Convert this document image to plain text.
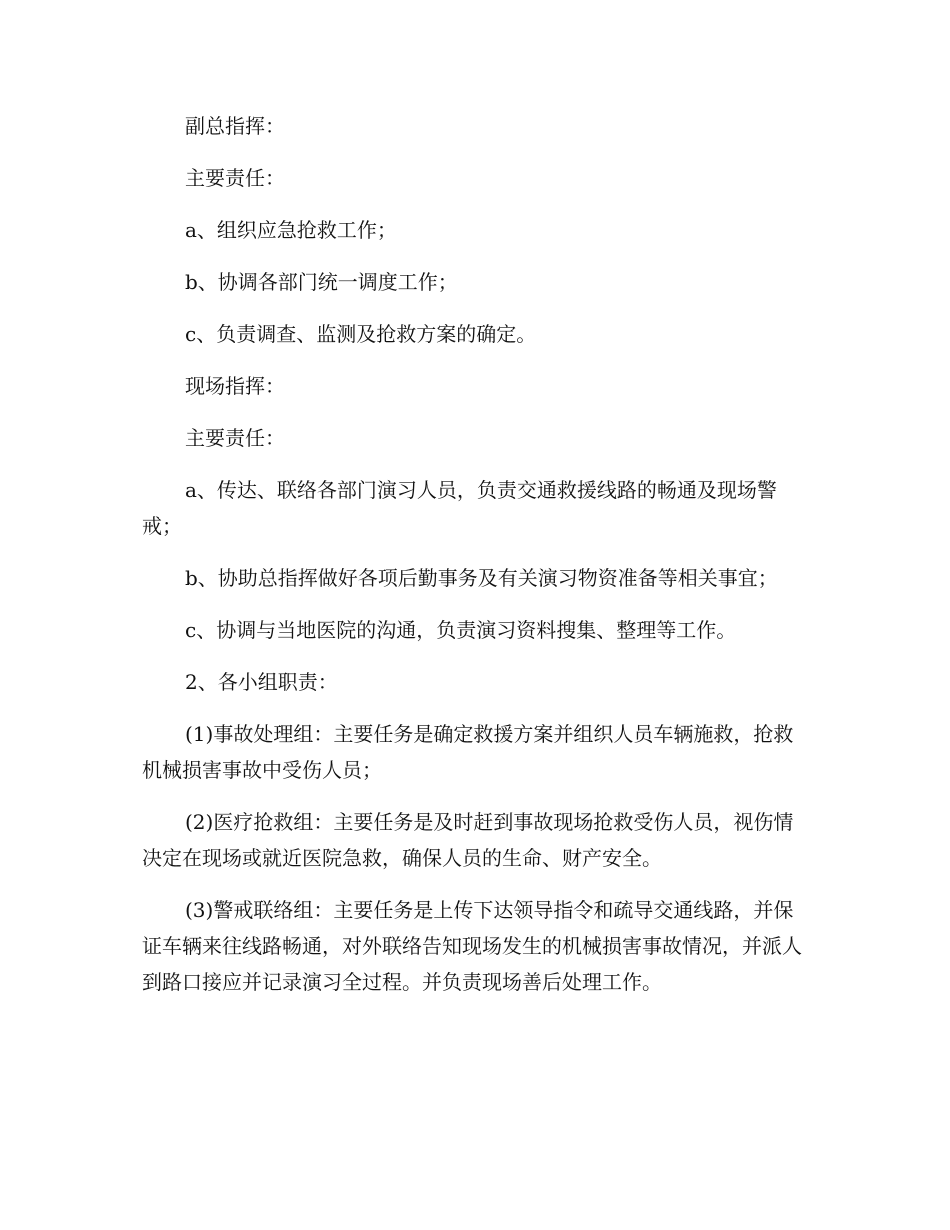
副总指挥：

主要责任：

a、组织应急抢救工作；

b、协调各部门统一调度工作；

c、负责调查、监测及抢救方案的确定。

现场指挥：

主要责任：

a、传达、联络各部门演习人员，负责交通救援线路的畅通及现场警戒；

b、协助总指挥做好各项后勤事务及有关演习物资准备等相关事宜；

c、协调与当地医院的沟通，负责演习资料搜集、整理等工作。

2、各小组职责：

(1)事故处理组：主要任务是确定救援方案并组织人员车辆施救，抢救机械损害事故中受伤人员；

(2)医疗抢救组：主要任务是及时赶到事故现场抢救受伤人员，视伤情决定在现场或就近医院急救，确保人员的生命、财产安全。

(3)警戒联络组：主要任务是上传下达领导指令和疏导交通线路，并保证车辆来往线路畅通，对外联络告知现场发生的机械损害事故情况，并派人到路口接应并记录演习全过程。并负责现场善后处理工作。
